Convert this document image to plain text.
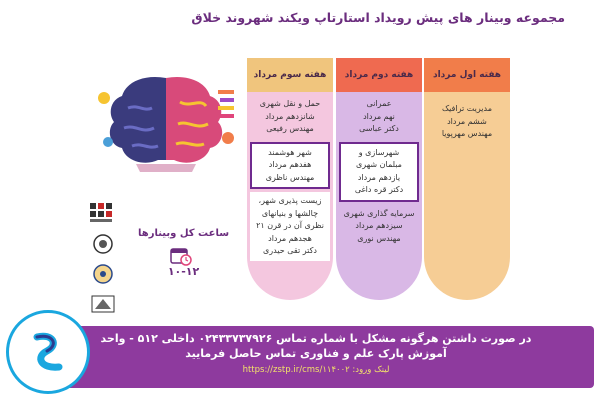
مجموعه وبینار های پیش رویداد استارتاپ ویکند شهروند خلاق
هفته اول مرداد
مدیریت ترافیک
ششم مرداد
مهندس مهرپویا
هفته دوم مرداد
عمرانی
نهم مرداد
دکتر عباسی
شهرسازی و
مبلمان شهری
یازدهم مرداد
دکتر قره داغی
سرمایه گذاری شهری
سیزدهم مرداد
مهندس نوری
هفته سوم مرداد
حمل و نقل شهری
شانزدهم مرداد
مهندس رفیعی
شهر هوشمند
هفدهم مرداد
مهندس ناظری
زیست پذیری شهر،
چالشها و بنیانهای
نظری آن در قرن ۲۱
هجدهم مرداد
دکتر تقی حیدری
ساعت کل وبینارها
۱۰-۱۲
در صورت داشتن هرگونه مشکل با شماره تماس ۰۲۴۳۳۷۳۷۹۲۶ داخلی ۵۱۲ - واحد
آموزش پارک علم و فناوری تماس حاصل فرمایید
لینک ورود: https://zstp.ir/cms/۱۱۴۰۰۲
